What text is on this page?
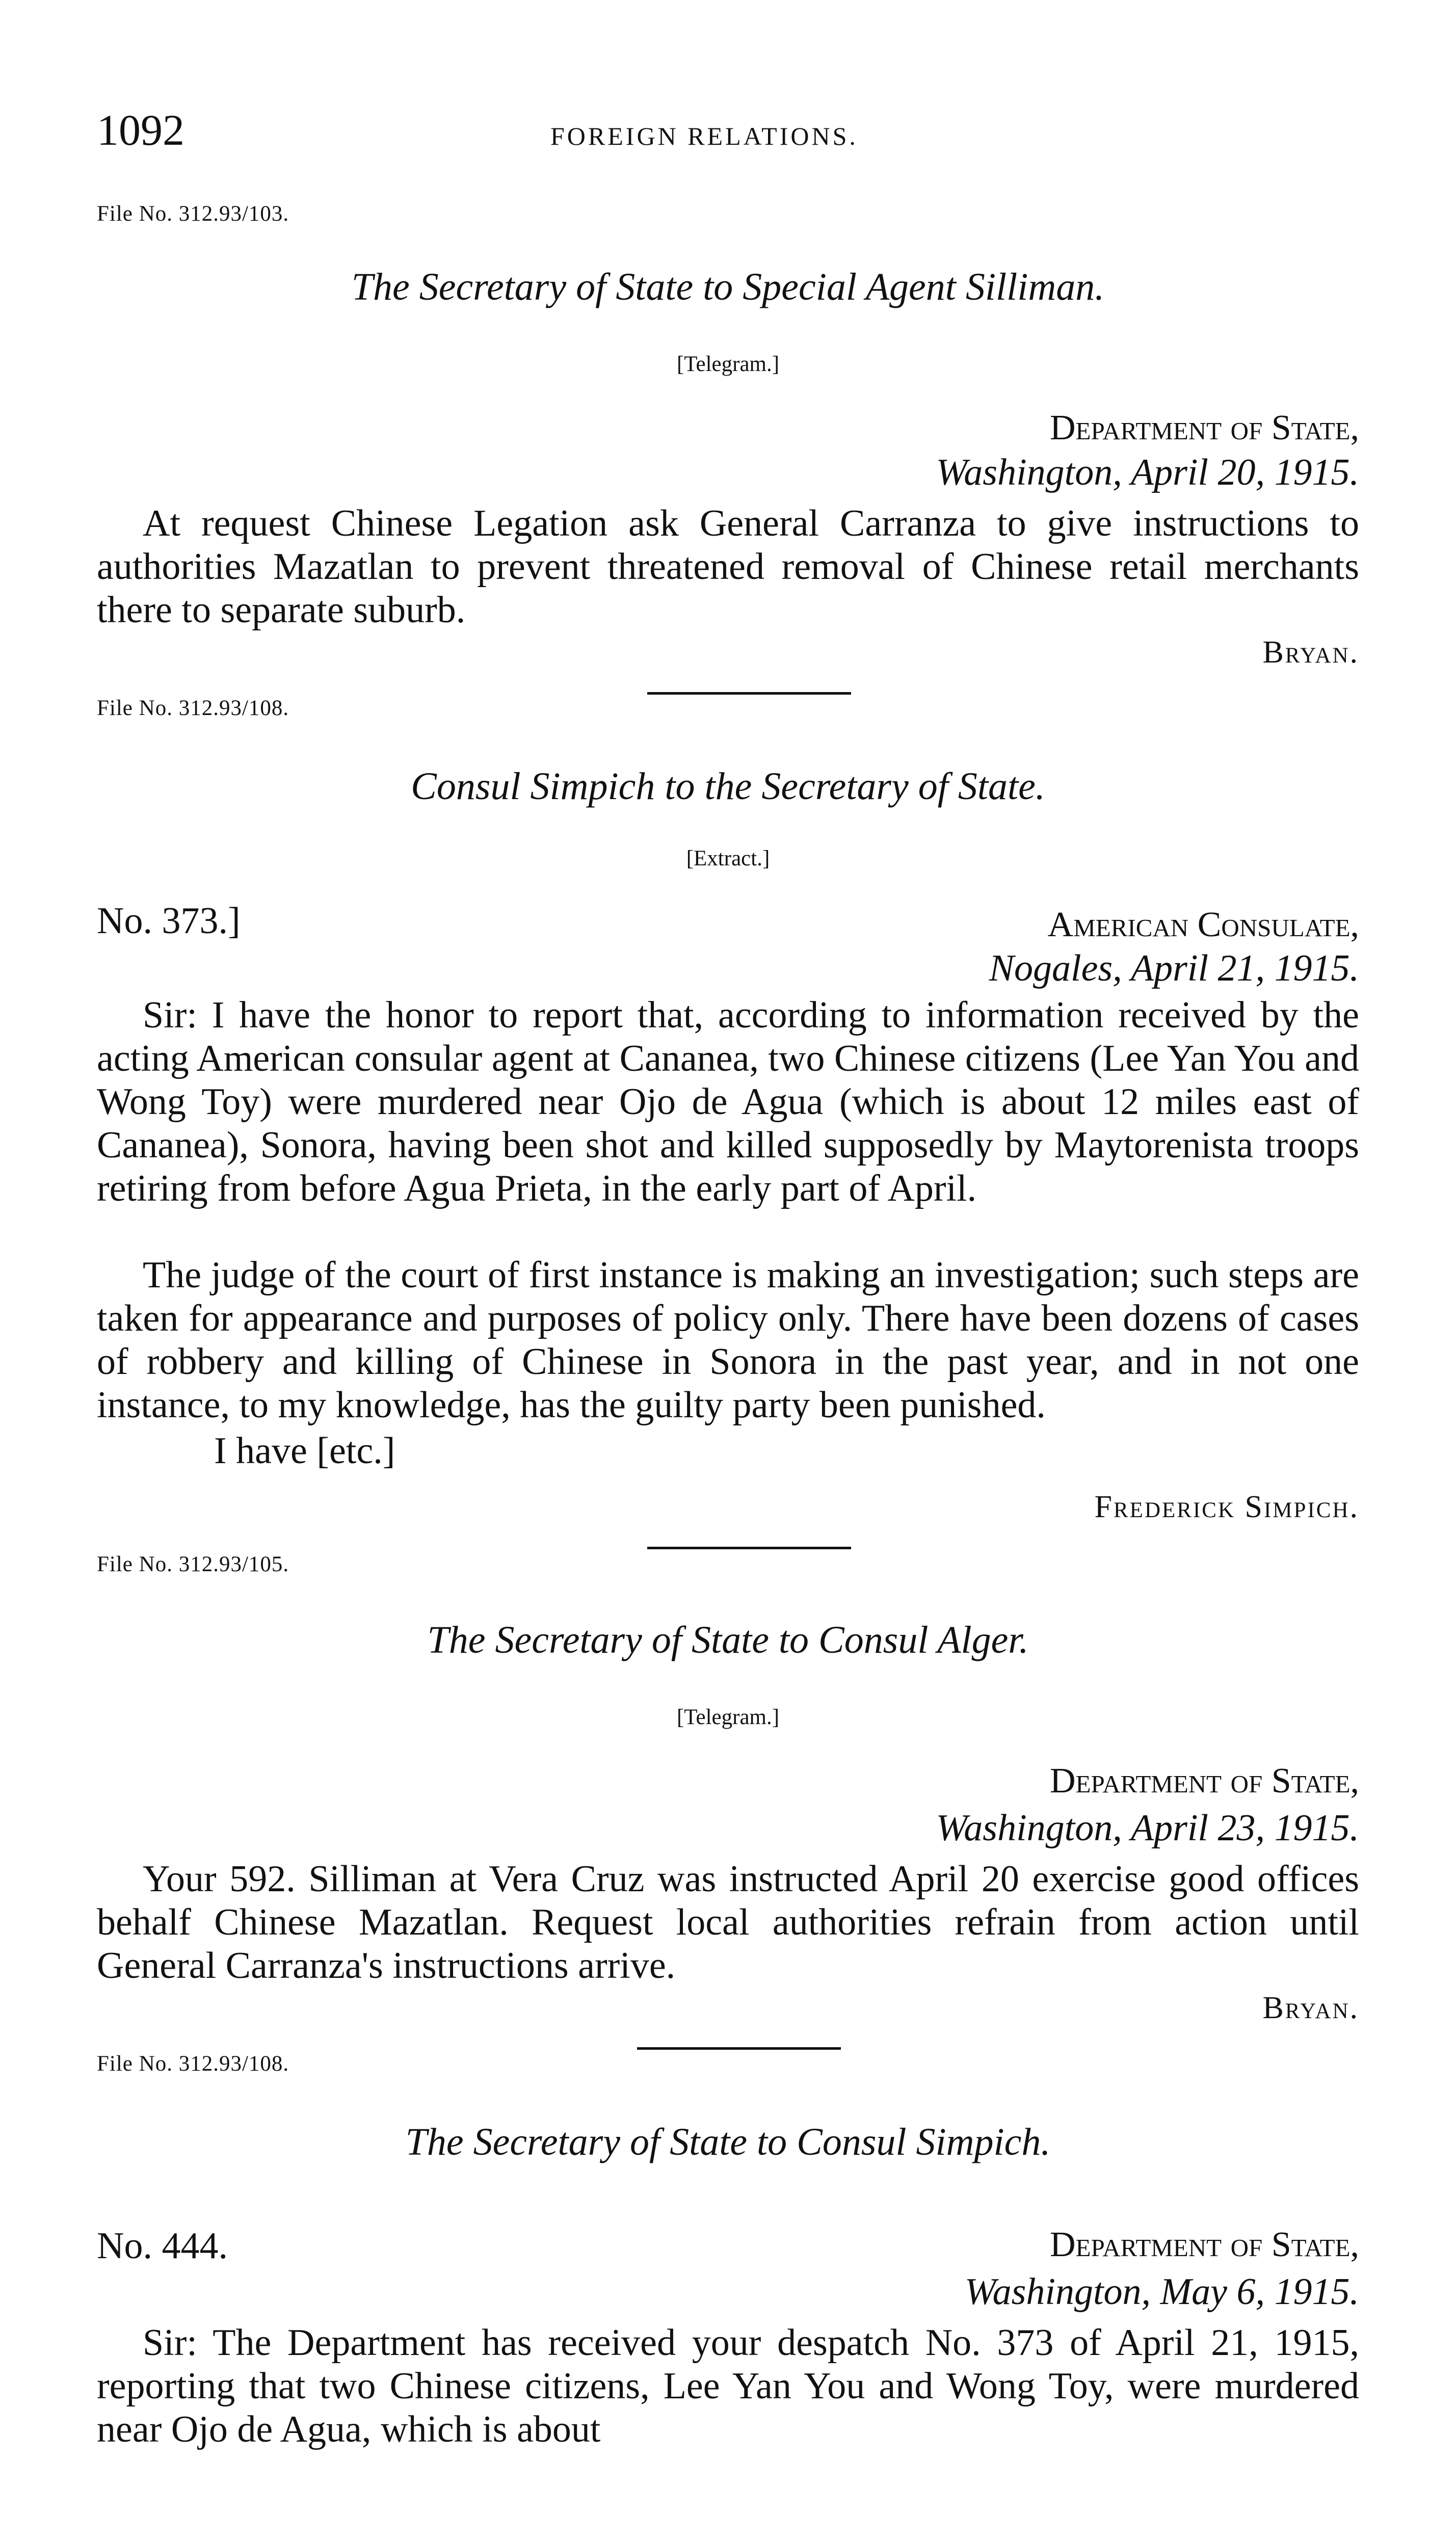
1092	FOREIGN RELATIONS.
File No. 312.93/103.
The Secretary of State to Special Agent Silliman.
[Telegram.]
Department of State,
Washington, April 20, 1915.
At request Chinese Legation ask General Carranza to give instructions to authorities Mazatlan to prevent threatened removal of Chinese retail merchants there to separate suburb.
Bryan.
File No. 312.93/108.
Consul Simpich to the Secretary of State.
[Extract.]
No. 373.]	American Consulate,
Nogales, April 21, 1915.
Sir: I have the honor to report that, according to information received by the acting American consular agent at Cananea, two Chinese citizens (Lee Yan You and Wong Toy) were murdered near Ojo de Agua (which is about 12 miles east of Cananea), Sonora, having been shot and killed supposedly by Maytorenista troops retiring from before Agua Prieta, in the early part of April.
The judge of the court of first instance is making an investigation; such steps are taken for appearance and purposes of policy only. There have been dozens of cases of robbery and killing of Chinese in Sonora in the past year, and in not one instance, to my knowledge, has the guilty party been punished.
I have [etc.]
Frederick Simpich.
File No. 312.93/105.
The Secretary of State to Consul Alger.
[Telegram.]
Department of State,
Washington, April 23, 1915.
Your 592. Silliman at Vera Cruz was instructed April 20 exercise good offices behalf Chinese Mazatlan. Request local authorities refrain from action until General Carranza's instructions arrive.
Bryan.
File No. 312.93/108.
The Secretary of State to Consul Simpich.
No. 444.	Department of State,
Washington, May 6, 1915.
Sir: The Department has received your despatch No. 373 of April 21, 1915, reporting that two Chinese citizens, Lee Yan You and Wong Toy, were murdered near Ojo de Agua, which is about
